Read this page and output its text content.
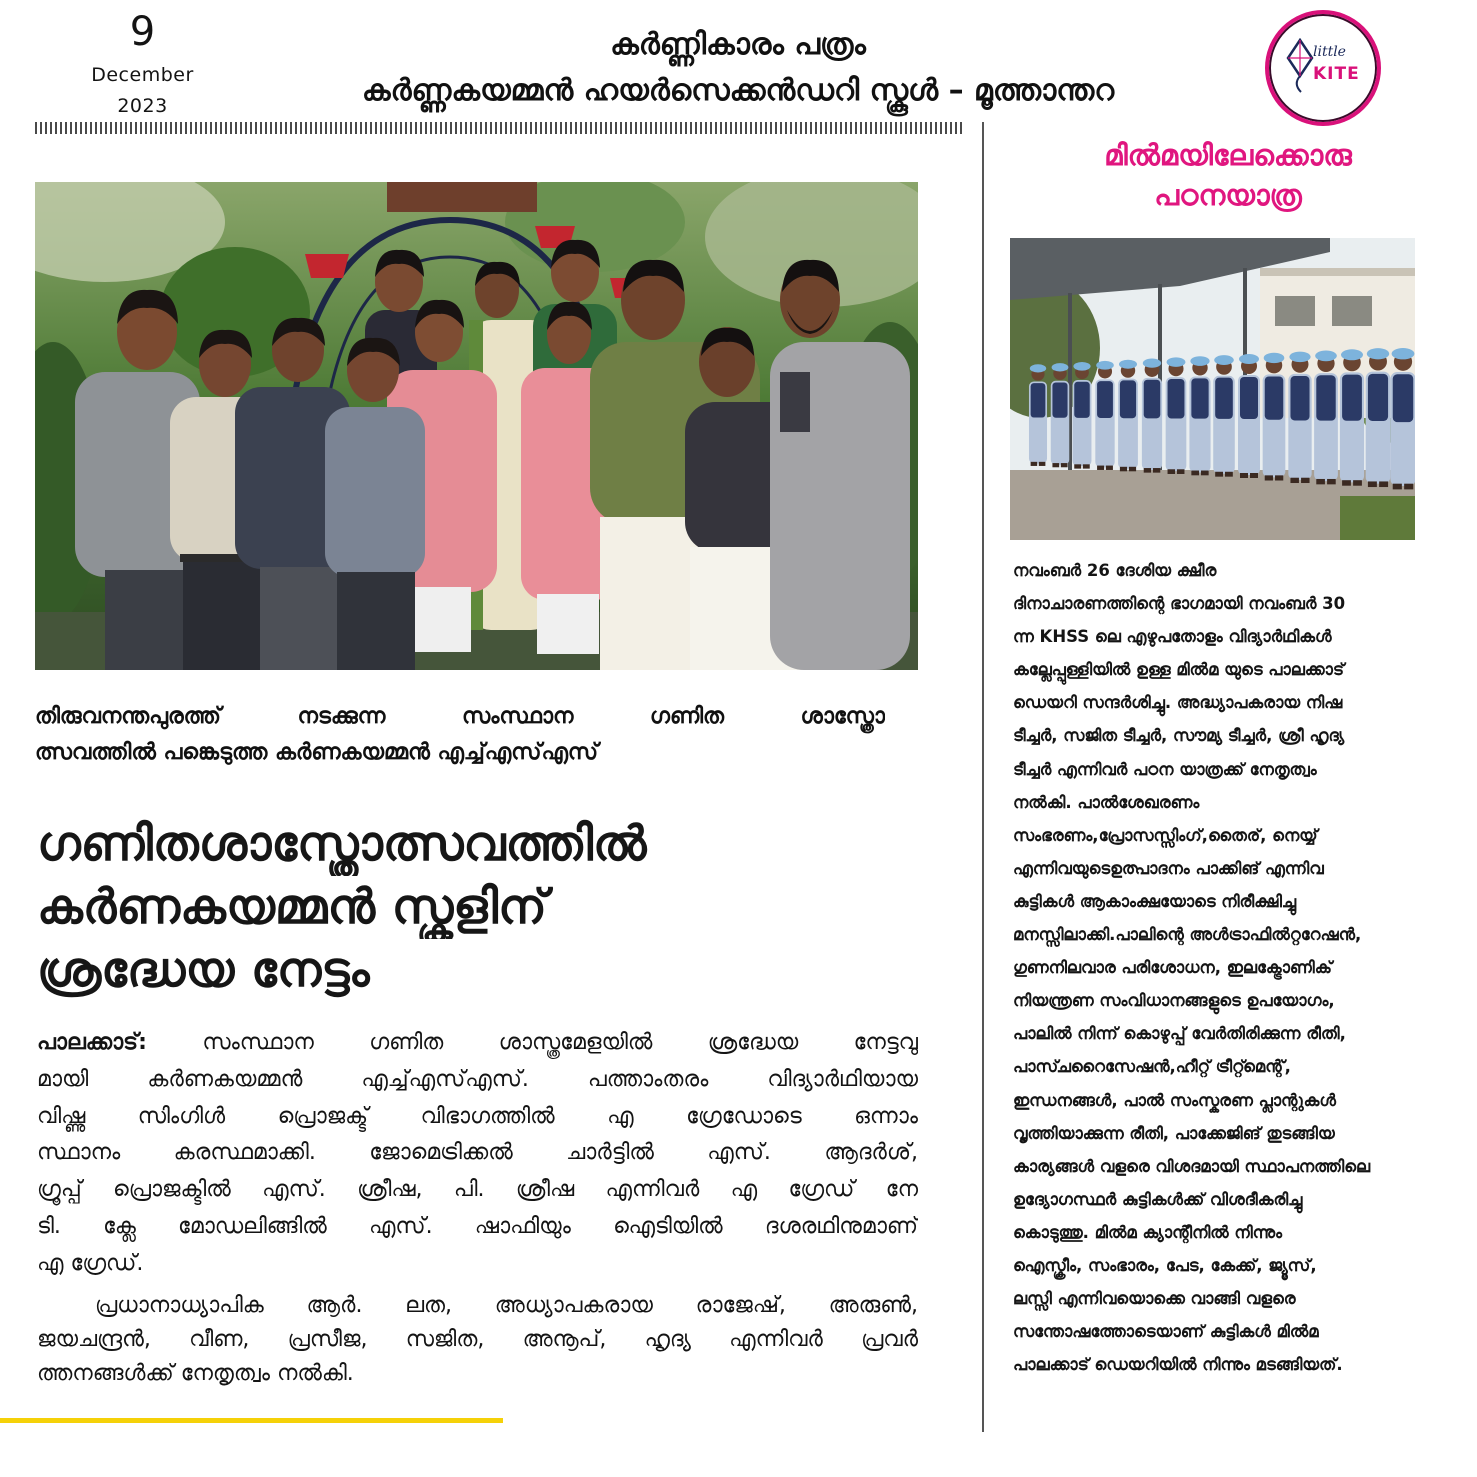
9
December
2023
കർണ്ണികാരം പത്രം
കർണ്ണകയമ്മൻ ഹയർസെക്കൻഡറി സ്കൂൾ – മൂത്താന്തറ
little
KITE
തിരുവനന്തപുരത്ത് നടക്കുന്ന സംസ്ഥാന ഗണിത ശാസ്ത്രോ
ത്സവത്തിൽ പങ്കെടുത്ത കർണകയമ്മൻ എച്ച്എസ്എസ്
ഗണിതശാസ്ത്രോത്സവത്തിൽ
കർണകയമ്മൻ സ്കൂളിന്
ശ്രദ്ധേയ നേട്ടം
പാലക്കാട്:	സംസ്ഥാന ഗണിത ശാസ്ത്രമേളയിൽ ശ്രദ്ധേയ നേട്ടവു
മായി കർണകയമ്മൻ എച്ച്എസ്എസ്. പത്താംതരം വിദ്യാർഥിയായ
വിഷ്ണു സിംഗിൾ പ്രൊജക്ട് വിഭാഗത്തിൽ എ ഗ്രേഡോടെ ഒന്നാം
സ്ഥാനം കരസ്ഥമാക്കി. ജോമെട്രിക്കൽ ചാർട്ടിൽ എസ്. ആദർശ്,
ഗ്രൂപ്പ് പ്രൊജക്ടിൽ എസ്. ശ്രീഷ, പി. ശ്രീഷ എന്നിവർ എ ഗ്രേഡ് നേ
ടി. ക്ലേ മോഡലിങ്ങിൽ എസ്. ഷാഫിയും ഐടിയിൽ ദശരഥിനുമാണ്
എ ഗ്രേഡ്.
പ്രധാനാധ്യാപിക ആർ. ലത, അധ്യാപകരായ രാജേഷ്, അരുൺ,
ജയചന്ദ്രൻ, വീണ, പ്രസീജ, സജിത, അനൂപ്, ഹൃദ്യ എന്നിവർ പ്രവർ
ത്തനങ്ങൾക്ക് നേതൃത്വം നൽകി.
മിൽമയിലേക്കൊരു
പഠനയാത്ര
നവംബർ 26 ദേശിയ ക്ഷീര
ദിനാചാരണത്തിന്റെ ഭാഗമായി നവംബർ 30
ന്ന KHSS ലെ എഴുപതോളം വിദ്യാർഥികൾ
കല്ലേപ്പുള്ളിയിൽ ഉള്ള മിൽമ യുടെ പാലക്കാട്
ഡെയറി സന്ദർശിച്ചു. അദ്ധ്യാപകരായ നിഷ
ടീച്ചർ, സജിത ടീച്ചർ, സൗമ്യ ടീച്ചർ, ശ്രീ ഹൃദ്യ
ടീച്ചർ എന്നിവർ പഠന യാത്രക്ക് നേതൃത്വം
നൽകി. പാൽശേഖരണം
സംഭരണം,പ്രോസസ്സിംഗ്,തൈര്, നെയ്യ്
എന്നിവയുടെഉത്പാദനം പാക്കിങ് എന്നിവ
കുട്ടികൾ ആകാംക്ഷയോടെ നിരീക്ഷിച്ചു
മനസ്സിലാക്കി.പാലിന്റെ അൾട്രാഫിൽറ്ററേഷൻ,
ഗുണനിലവാര പരിശോധന, ഇലക്ട്രോണിക്
നിയന്ത്രണ സംവിധാനങ്ങളുടെ ഉപയോഗം,
പാലിൽ നിന്ന് കൊഴുപ്പ് വേർതിരിക്കുന്ന രീതി,
പാസ്ചറൈസേഷൻ,ഹീറ്റ് ട്രീറ്റ്മെന്റ്,
ഇന്ധനങ്ങൾ, പാൽ സംസ്കരണ പ്ലാന്റുകൾ
വൃത്തിയാക്കുന്ന രീതി, പാക്കേജിങ് തുടങ്ങിയ
കാര്യങ്ങൾ വളരെ വിശദമായി സ്ഥാപനത്തിലെ
ഉദ്യോഗസ്ഥർ കുട്ടികൾക്ക് വിശദീകരിച്ചു
കൊടുത്തു. മിൽമ ക്യാന്റീനിൽ നിന്നും
ഐസ്ക്രീം, സംഭാരം, പേട, കേക്ക്, ജ്യൂസ്,
ലസ്സി എന്നിവയൊക്കെ വാങ്ങി വളരെ
സന്തോഷത്തോടെയാണ് കുട്ടികൾ മിൽമ
പാലക്കാട് ഡെയറിയിൽ നിന്നും മടങ്ങിയത്.
